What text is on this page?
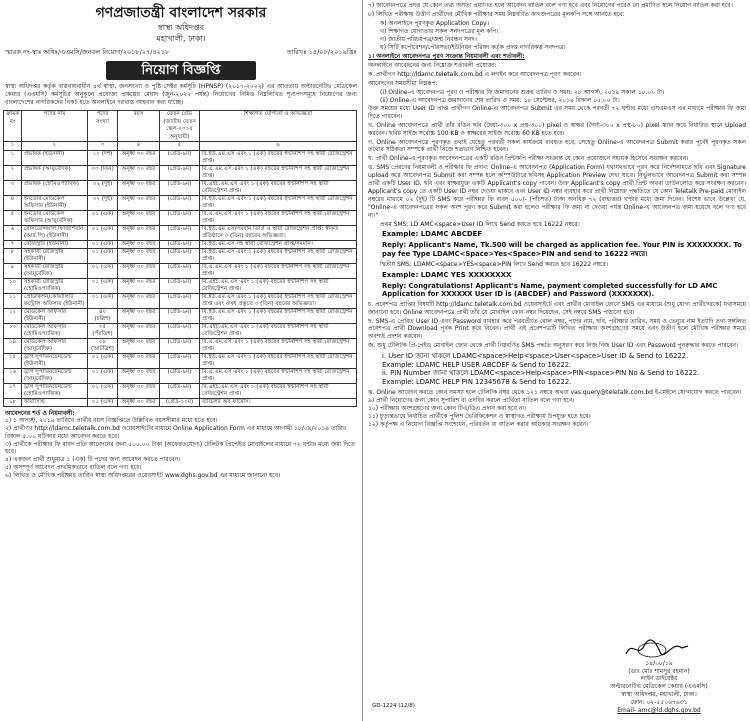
গণপ্রজাতন্ত্রী বাংলাদেশ সরকার
স্বাস্থ্য অধিদপ্তর
মহাখালী, ঢাকা।
স্মারক নং-স্বাঃ অধিঃ/এএমসি/জনবল নিয়োগ/২০১৮/২৭/৪২১৮	তারিখঃ ১৪/০৮/২০১৯খ্রিঃ
নিয়োগ বিজ্ঞপ্তি
স্বাস্থ্য অধিদপ্তর কর্তৃক বাস্তবায়নাধীন ৪র্থ স্বাস্থ্য, জনসংখ্যা ও পুষ্টি সেক্টর কর্মসূচি (HPNSP) (২০১৭-২০২২) এর আওতায় অল্টারনেটিভ মেডিকেল কেয়ার (এএমসি) কর্মসূচির অনুকূলে প্রযোজ্য প্রকল্পের মেয়াদ (জুন-২০২২ পর্যন্ত) নিয়োগের নিমিত্ত নিম্নলিখিত শূন্যপদসমূহে নিয়োগের জন্য বাংলাদেশের নাগরিকদের নিকট হতে অনলাইনে দরখাস্ত আহবান করা যাচ্ছে।
ক্রমিক নং	পদের নাম	পদের সংখ্যা	বয়স	বেতন গ্রেড (জাতীয় বেতন স্কেল-২০১৫ অনুযায়ী)	শিক্ষাগত যোগ্যতা ও অভিজ্ঞতা
১	২	৩	৪	৫	৬
১	প্রভাষক (ইউনানী)	১০ (দশ)	অনূর্ধ্ব ৩০ বছর	(গ্রেড-৯ম)	বি.ইউ.এম.এস এবং ১ (এক) বছরের ইন্টার্নশিপ সহ স্থায়ী রেজিস্ট্রেশন প্রাপ্ত।
২	প্রভাষক (আয়ুর্বেদিক)	০৩ (তিন)	অনূর্ধ্ব ৩০ বছর	(গ্রেড-৯ম)	বি.এ.এম.এস এবং ১ (এক) বছরের ইন্টার্নশিপ সহ স্থায়ী রেজিস্ট্রেশন প্রাপ্ত।
৩	প্রভাষক (হোমিওপ্যাথিক)	০২ (দুই)	অনূর্ধ্ব ৩০ বছর	(গ্রেড-৯ম)	বি.এইচ.এম.এস এবং ১ (এক) বছরের ইন্টার্নশিপ সহ স্থায়ী রেজিস্ট্রেশন প্রাপ্ত।
৪	ইনডোর মেডিকেল অফিসার (ইউনানী)	০২ (দুই)	অনূর্ধ্ব ৩০ বছর	(গ্রেড-৯ম)	বি.ইউ.এম.এস এবং ১ (এক) বছরের ইন্টার্নশিপ সহ স্থায়ী রেজিস্ট্রেশন প্রাপ্ত।
৫	ইনডোর মেডিকেল অফিসার (আয়ুর্বেদিক)	০১ (এক)	অনূর্ধ্ব ৩০ বছর	(গ্রেড-৯ম)	বি.এ.এম.এস এবং ১ (এক) বছরের ইন্টার্নশিপ সহ স্থায়ী রেজিস্ট্রেশন প্রাপ্ত।
৬	রেসিডেন্সিয়াল ফিজিশিয়ান (আর.পি) (ইউনানী)	০১ (এক)	অনূর্ধ্ব ৪০ বছর	(গ্রেড-৯ম)	বি.ইউ.এম.এস/সমমান ডিগ্রি ও স্থায়ী রেজিস্ট্রেশন প্রাপ্ত; স্বীকৃত প্রতিষ্ঠানে ৩ (তিন) বছরের অভিজ্ঞতা।
৭	রেজিস্ট্রার (ইউনানী)	০১ (এক)	অনূর্ধ্ব ৩০ বছর	(গ্রেড-৯ম)	বি.ইউ.এম.এস সহ স্থায়ী রেজিস্ট্রেশন প্রাপ্ত/সমমান।
৮	সহকারী রেজিস্ট্রার (ইউনানী)	০১ (এক)	অনূর্ধ্ব ৩০ বছর	(গ্রেড-৯ম)	বি.ইউ.এম.এস এবং ১ (এক) বছরের ইন্টার্নশিপ সহ স্থায়ী রেজিস্ট্রেশন প্রাপ্ত।
৯	সহকারী রেজিস্ট্রার (আয়ুর্বেদিক)	০১ (এক)	অনূর্ধ্ব ৩০ বছর	(গ্রেড-৯ম)	বি.এ.এম.এস এবং ১ (এক) বছরের ইন্টার্নশিপ সহ স্থায়ী রেজিস্ট্রেশন প্রাপ্ত।
১০	সহকারী রেজিস্ট্রার (হোমিওপ্যাথিক)	০১ (এক)	অনূর্ধ্ব ৩০ বছর	(গ্রেড-৯ম)	বি.এইচ.এম.এস এবং ১ (এক) বছরের ইন্টার্নশিপ সহ স্থায়ী রেজিস্ট্রেশন প্রাপ্ত।
১১	প্রোডাকশন/কোয়ালিটি কন্ট্রোল অফিসার (ইউনানী)	০১ (এক)	অনূর্ধ্ব ৩০ বছর	(গ্রেড-৯ম)	বি.ইউ.এম.এস এবং ১ (এক) বছরের ইন্টার্নশিপ সহ স্থায়ী রেজিস্ট্রেশন প্রাপ্ত এবং ঔষধ প্রস্তুতে ৩ (তিন) বছরের অভিজ্ঞতা।
১২	মেডিকেল অফিসার (ইউনানী)	৪০ (চল্লিশ)	অনূর্ধ্ব ৩০ বছর	(গ্রেড-৯ম)	বি.ইউ.এম.এস এবং ১ (এক) বছরের ইন্টার্নশিপ সহ স্থায়ী রেজিস্ট্রেশন প্রাপ্ত।
১৩	মেডিকেল অফিসার (হোমিওপ্যাথিক)	৩৫ (পঁয়ত্রিশ)	অনূর্ধ্ব ৩০ বছর	(গ্রেড-৯ম)	বি.এইচ.এম.এস এবং ১ (এক) বছরের ইন্টার্নশিপ সহ স্থায়ী রেজিস্ট্রেশন প্রাপ্ত।
১৪	মেডিকেল অফিসার (আয়ুর্বেদিক)	৩৮ (আটত্রিশ)	অনূর্ধ্ব ৩০ বছর	(গ্রেড-৯ম)	বি.এ.এম.এস এবং ১ (এক) বছরের ইন্টার্নশিপ সহ স্থায়ী রেজিস্ট্রেশন প্রাপ্ত।
১৫	ড্রাগ সুপারিনটেনডেন্ট (ইউনানী)	০১ (এক)	অনূর্ধ্ব ৩০ বছর	(গ্রেড-৯ম)	বি.ইউ.এম.এস এবং ১ (এক) বছরের ইন্টার্নশিপ সহ স্থায়ী রেজিস্ট্রেশন প্রাপ্ত।
১৬	ড্রাগ সুপারিনটেনডেন্ট (আয়ুর্বেদিক)	০১ (এক)	অনূর্ধ্ব ৩০ বছর	(গ্রেড-৯ম)	বি.এ.এম.এস এবং ১ (এক) বছরের ইন্টার্নশিপ সহ স্থায়ী রেজিস্ট্রেশন প্রাপ্ত।
১৭	ড্রাগ সুপারিনটেনডেন্ট (হোমিওপ্যাথিক)	০১ (এক)	অনূর্ধ্ব ৩০ বছর	(গ্রেড-৯ম)	বি.এইচ.এম.এস এবং ১ (এক) বছরের ইন্টার্নশিপ সহ স্থায়ী রেজিস্ট্রেশন প্রাপ্ত।
১৮	ফার্মাসিস্ট	০১ (এক)	অনূর্ধ্ব ৩০ বছর	(গ্রেড-১০ম)	ব্যাচেলর অব ফার্মেসি।
আবেদনের শর্ত ও নিয়মাবলী:
১) ১ আগস্ট, ২০১৯ তারিখে প্রার্থীর বয়স বিজ্ঞপ্তিতে উল্লিখিত বয়সসীমার মধ্যে হতে হবে।
২) প্রার্থীগণ http://ldamc.teletalk.com.bd ওয়েবসাইটের মাধ্যমে Online Application Form এর মাধ্যমে আগামী ১৮/০৯/২০১৯ তারিখ বিকাল ৫.০০ ঘটিকার মধ্যে আবেদন করতে হবে।
৩) প্রার্থীকে পরীক্ষার ফি বাবদ প্রতি আবেদনের জন্য ৫০০.০০ টাকা (অফেরতযোগ্য) টেলিটক প্রিপেইড মোবাইলের মাধ্যমে ৭২ ঘন্টার মধ্যে জমা দিতে হবে।
৪) একজন প্রার্থী শুধুমাত্র ১ (এক) টি পদের জন্য আবেদন করতে পারবেন।
৫) অসম্পূর্ণ আবেদন প্রাথমিকভাবে বাতিল বলে গণ্য হবে।
৬) লিখিত ও মৌখিক পরীক্ষার তারিখ স্বাস্থ্য অধিদপ্তরের ওয়েবসাইট www.dghs.gov.bd এর মাধ্যমে জানানো হবে।

৭) আবেদনপত্রে প্রদত্ত যে কোন তথ্য অসত্য প্রমাণিত হলে আবেদন বাতিল বলে গণ্য হবে এবং নিয়োগের পরেও তা প্রমাণিত হলে নিয়োগ বাতিল করা হবে।

৮) লিখিত পরীক্ষায় উত্তীর্ণ প্রার্থীদের মৌখিক পরীক্ষার সময় নিম্নবর্ণিত কাগজপত্রের মূলকপি সঙ্গে আনতে হবে:

ক) অনলাইনে পূরণকৃত Application Copy।
খ) শিক্ষাগত যোগ্যতার সকল সনদপত্রের মূল কপি।
গ) জাতীয় পরিচয়পত্র/জন্ম নিবন্ধন সনদ।
ঘ) সিটি কর্পোরেশন/পৌরসভা/ইউনিয়ন পরিষদ কর্তৃক প্রদত্ত নাগরিকত্ব সনদপত্র।
১। অনলাইনে আবেদনপত্র পূরণ সংক্রান্ত নিয়মাবলী এবং শর্তাবলী:

অনলাইনে আবেদনের জন্য নিম্নোক্ত শর্তাবলী প্রযোজ্য:

ক. প্রার্থীগণ http://ldamc.teletalk.com.bd এ লগইন করে আবেদনপত্র পূরণ করবেন।

আবেদনের সময়সীমা নিম্নরূপ:

(i) Online-এ আবেদনপত্র পূরণ ও পরীক্ষার ফি জমাদানের শুরুর তারিখ ও সময়: ২৮ আগস্ট, ২০১৯ সকাল ১০.০০ টা।
(ii) Online-এ আবেদনপত্র জমাদানের শেষ তারিখ ও সময়: ১৮ সেপ্টেম্বর, ২০১৯ বিকাল ০৫.০০ টা।

উক্ত সময়ের মধ্যে User ID প্রাপ্ত প্রার্থীগণ Online-এ আবেদনপত্র Submit এর সময় থেকে পরবর্তী ৭২ ঘণ্টার মধ্যে এসএমএস এর মাধ্যমে পরীক্ষার ফি জমা দিতে পারবেন।

খ. Online আবেদনপত্রে প্রার্থী তাঁর রঙিন ছবি (দৈর্ঘ্য-৩০০ x প্রস্থ-৩০০) pixel ও স্বাক্ষর (দৈর্ঘ্য-৩০০ x প্রস্থ-৮০) pixel স্ক্যান করে নির্ধারিত স্থানে Upload করবেন। ছবির সাইজ সর্বোচ্চ 100 KB ও স্বাক্ষরের সাইজ সর্বোচ্চ 60 KB হতে হবে।

গ. Online আবেদনপত্রে পূরণকৃত তথ্যই যেহেতু পরবর্তী সকল কার্যক্রমে ব্যবহৃত হবে, সেহেতু Online-এ আবেদনপত্র Submit করার পূর্বেই পূরণকৃত সকল তথ্যের সঠিকতা সম্পর্কে প্রার্থী নিজে শতভাগ নিশ্চিত হবেন।

ঘ. প্রার্থী Online-এ পূরণকৃত আবেদনপত্রের একটি রঙিন প্রিন্টকপি পরীক্ষা সংক্রান্ত যে কোন প্রয়োজনে সহায়ক হিসেবে সংরক্ষণ করবেন।

ঙ. SMS প্রেরণের নিয়মাবলী ও পরীক্ষার ফি প্রদান: Online-এ আবেদনপত্র (Application Form) যথাযথভাবে পূরণ করে নির্দেশনামতে ছবি এবং Signature upload করে আবেদনপত্র Submit করা সম্পন্ন হলে কম্পিউটারে ছবিসহ Application Preview দেখা যাবে। নির্ভুলভাবে আবেদনপত্র Submit করা সম্পন্ন প্রার্থী একটি User ID, ছবি এবং স্বাক্ষরযুক্ত একটি Applicant's copy পাবেন। উক্ত Applicant's copy প্রার্থী প্রিন্ট অথবা ডাউনলোড করে সংরক্ষণ করবেন। Applicant's copy তে একটি User ID নম্বর দেওয়া থাকবে এবং User ID নম্বর ব্যবহার করে প্রার্থী নিম্নোক্ত পদ্ধতিতে যে কোন Teletalk Pre-paid মোবাইল নম্বরের মাধ্যমে ০২ (দুই) টি SMS করে পরীক্ষার ফি বাবদ ৫০০/- (পাঁচশত) টাকা অনধিক ৭২ (বাহাত্তর) ঘণ্টার মধ্যে জমা দিবেন। বিশেষ ভাবে উল্লেখ্য যে, "Online-এ আবেদনপত্রের সকল অংশ পূরণ করে Submit করা হলেও পরীক্ষার ফি জমা না দেওয়া পর্যন্ত Online-এ আবেদনপত্র জমা হয়েছে বলে গণ্য হবে না।"

প্রথম SMS: LD AMC<space>User ID লিখে Send করতে হবে 16222 নম্বরে।

Example: LDAMC ABCDEF
Reply: Applicant's Name, Tk.500 will be charged as application fee. Your PIN is XXXXXXXX. To pay fee Type LDAMC<Space>Yes<Space>PIN and send to 16222 নম্বরে।

দ্বিতীয় SMS: LDAMC<space>YES<space>PIN লিখে Send করতে হবে 16222 নম্বরে।

Example: LDAMC YES XXXXXXXX
Reply: Congratulations! Applicant's Name, payment completed successfully for LD AMC Application for XXXXXX User ID is (ABCDEF) and Password (XXXXXXX).

চ. প্রবেশপত্র প্রাপ্তির বিষয়টি http://ldamc.teletalk.com.bd ওয়েবসাইটে এবং প্রার্থীর মোবাইল ফোনে SMS এর মাধ্যমে (শুধু যোগ্য প্রার্থীদেরকে) যথাসময়ে জানানো হবে। Online আবেদনপত্রে প্রার্থী তাঁর যে মোবাইল ফোন নম্বর দিয়েছেন, সেই নম্বরে SMS পাঠানো হবে।

ছ. SMS-এ প্রেরিত User ID এবং Password ব্যবহার করে পরবর্তীতে রোল নম্বর, পদের নাম, ছবি, পরীক্ষার তারিখ, সময় ও ভেন্যুর নাম ইত্যাদি তথ্য সম্বলিত প্রবেশপত্র প্রার্থী Download পূর্বক Print করে নিবেন। প্রার্থী এই প্রবেশপত্রটি লিখিত পরীক্ষায় অংশগ্রহণের সময়ে এবং উত্তীর্ণ হলে মৌখিক পরীক্ষার সময়ে অবশ্যই প্রদর্শন করবেন।

জ. শুধু টেলিটক প্রি-পেইড মোবাইল ফোন থেকে প্রার্থী নিম্নবর্ণিত SMS পদ্ধতি অনুসরণ করে নিজ নিজ User ID এবং Password পুনরুদ্ধার করতে পারবেন।

i. User ID জানা থাকলে LDAMC<space>Help<space>User<space>User ID & Send to 16222.
Example: LDAMC HELP USER ABCDEF & Send to 16222.
ii. PIN Number জানা থাকলে LDAMC<space>Help<space>PIN<space>PIN No & Send to 16222.
Example: LDAMC HELP PIN 12345678 & Send to 16222.

ঝ. Online আবেদন করতে কোন সমস্যা হলে টেলিটক নম্বর থেকে ১২১ নম্বরে অথবা vas.query@teletalk.com.bd ই-মেইলে যোগাযোগ করতে পারবেন।

৯) প্রার্থী নিয়োগের জন্য কোন সুপারিশ বা তদবির করলে প্রার্থিতা বাতিল বলে গণ্য হবে।
১০) পরীক্ষায় অংশগ্রহণের জন্য কোন টিএ/ডিএ প্রদান করা হবে না।
১১) চূড়ান্তভাবে নির্বাচিত প্রার্থীকে পুলিশ ভেরিফিকেশন ও স্বাস্থ্যগত পরীক্ষায় উপযুক্ত হতে হবে।
১২) কর্তৃপক্ষ এ নিয়োগ বিজ্ঞপ্তি সংশোধন, পরিবর্তন বা বাতিল করার অধিকার সংরক্ষণ করেন।
GD-1224 (12/8)
১৪/০৮/১৯
(ডাঃ মোঃ শামসুর রহমান)
লাইন ডাইরেক্টর
অল্টারনেটিভ মেডিকেল কেয়ার (এএমসি)
স্বাস্থ্য অধিদপ্তর, মহাখালী, ঢাকা।
ফোন: ০২-৫৫০৬৭৬৩১
Email- amc@ld.dghs.gov.bd
